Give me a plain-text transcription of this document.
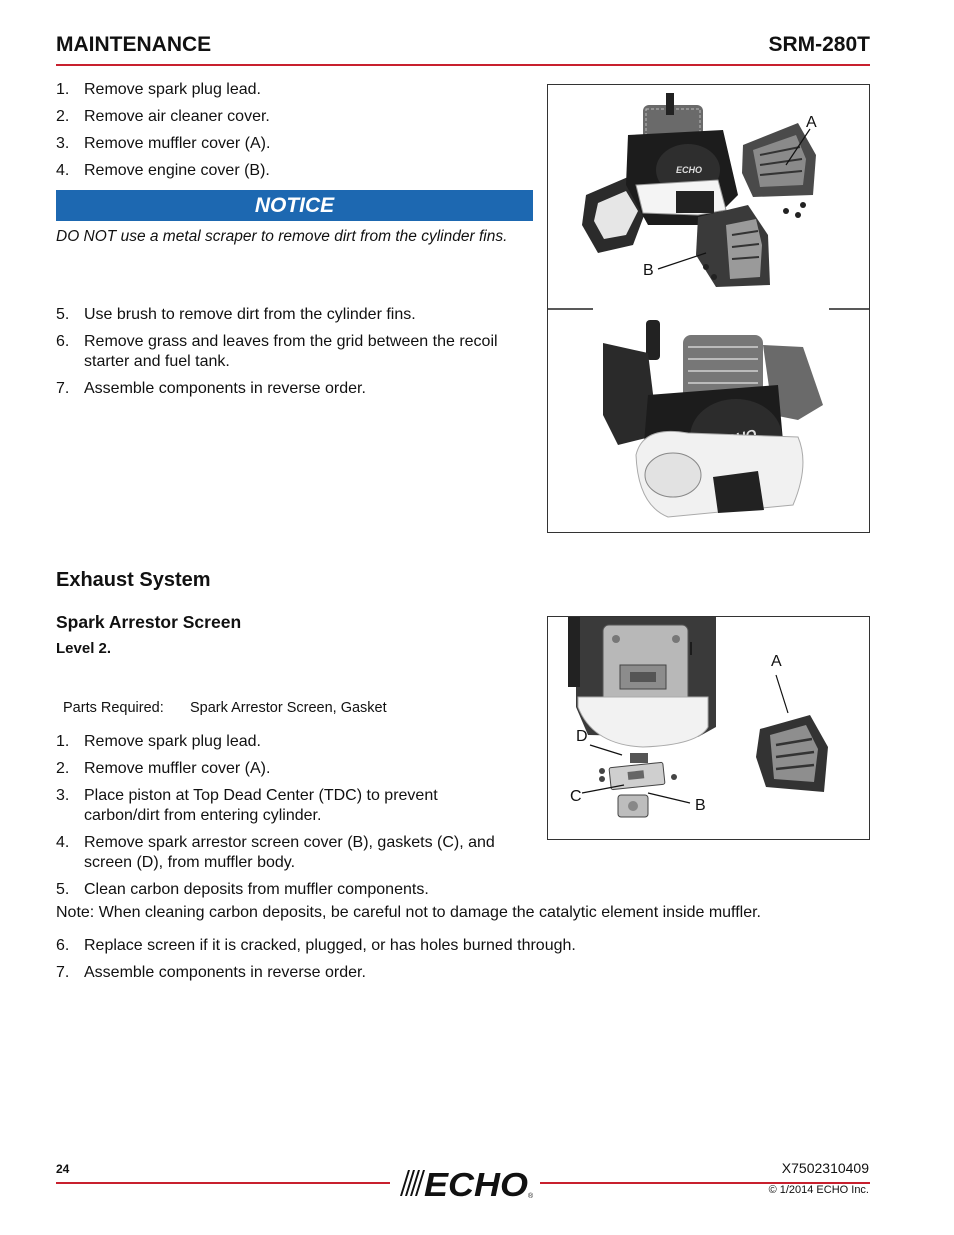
MAINTENANCE	SRM-280T
1. Remove spark plug lead.
2. Remove air cleaner cover.
3. Remove muffler cover (A).
4. Remove engine cover (B).
NOTICE
DO NOT use a metal scraper to remove dirt from the cylinder fins.
5. Use brush to remove dirt from the cylinder fins.
6. Remove grass and leaves from the grid between the recoil starter and fuel tank.
7. Assemble components in reverse order.
ECHO
A
B
Exhaust System
Spark Arrestor Screen
Level 2.
Parts Required: Spark Arrestor Screen, Gasket
1. Remove spark plug lead.
2. Remove muffler cover (A).
3. Place piston at Top Dead Center (TDC) to prevent carbon/dirt from entering cylinder.
4. Remove spark arrestor screen cover (B), gaskets (C), and screen (D), from muffler body.
5. Clean carbon deposits from muffler components.
Note: When cleaning carbon deposits, be careful not to damage the catalytic element inside muffler.
6. Replace screen if it is cracked, plugged, or has holes burned through.
7. Assemble components in reverse order.
A
D
C
B
24	ECHO ®
X7502310409
© 1/2014 ECHO Inc.
